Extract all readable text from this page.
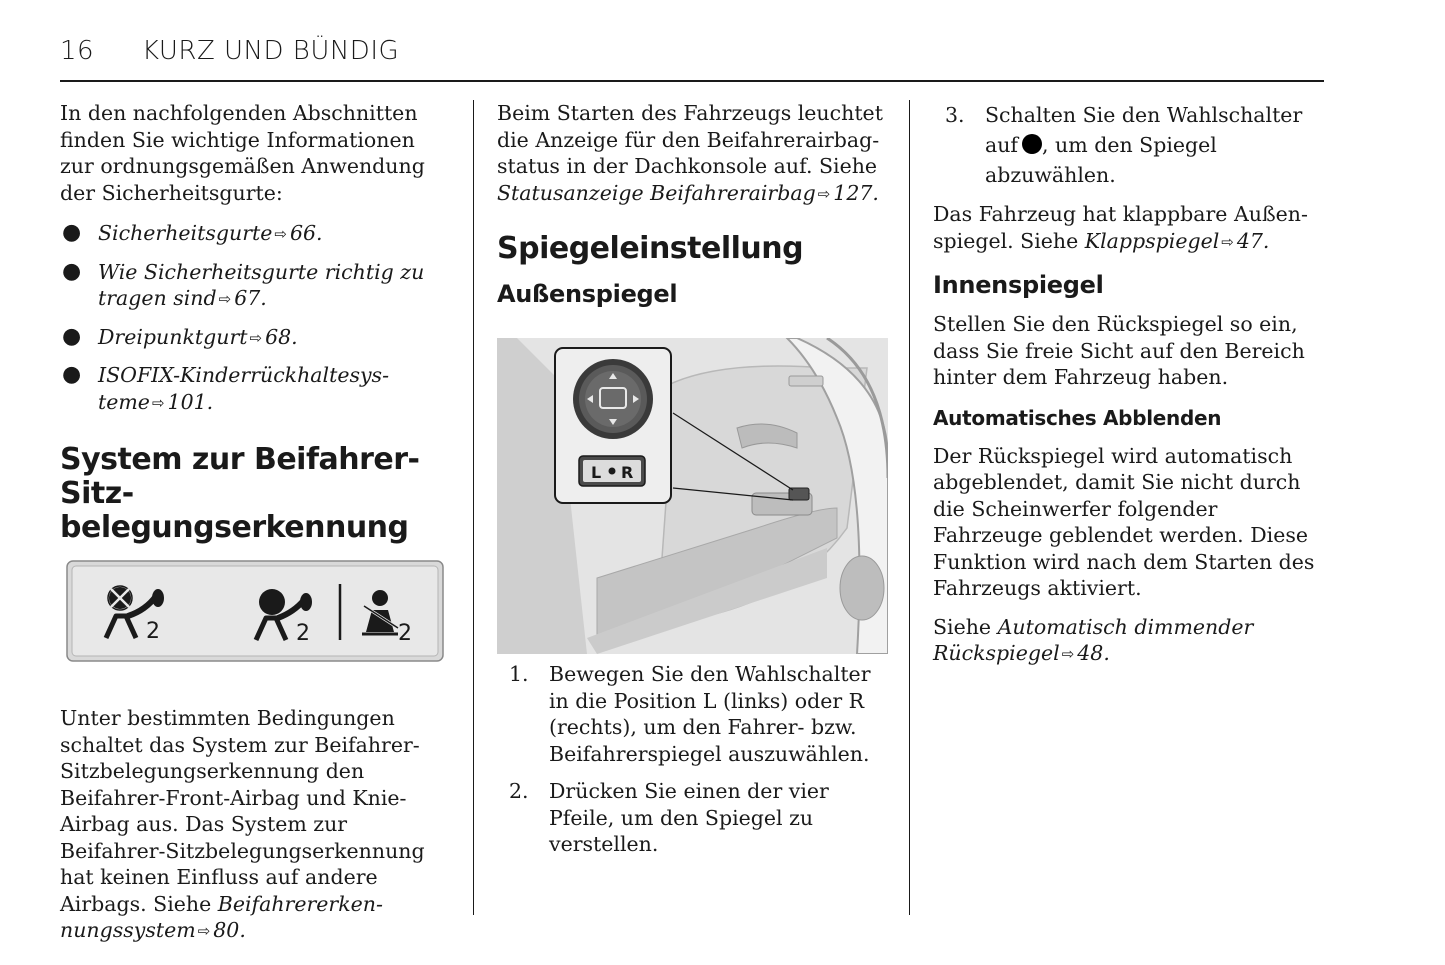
16 KURZ UND BÜNDIG

In den nachfolgenden Abschnitten finden Sie wichtige Informationen zur ordnungsgemäßen Anwendung der Sicherheitsgurte:

● Sicherheitsgurte ⇨ 66.
● Wie Sicherheitsgurte richtig zu tragen sind ⇨ 67.
● Dreipunktgurt ⇨ 68.
● ISOFIX-Kinderrückhaltesysteme ⇨ 101.
System zur Beifahrer-Sitzbelegungserkennung
2	2	2

Unter bestimmten Bedingungen schaltet das System zur Beifahrer-Sitzbelegungserkennung den Beifahrer-Front-Airbag und Knie-Airbag aus. Das System zur Beifahrer-Sitzbelegungserkennung hat keinen Einfluss auf andere Airbags. Siehe Beifahrererkennungssystem ⇨ 80.

Beim Starten des Fahrzeugs leuchtet die Anzeige für den Beifahrerairbagstatus in der Dachkonsole auf. Siehe Statusanzeige Beifahrerairbag ⇨ 127.

Spiegeleinstellung
Außenspiegel
L R
1. Bewegen Sie den Wahlschalter in die Position L (links) oder R (rechts), um den Fahrer- bzw. Beifahrerspiegel auszuwählen.
2. Drücken Sie einen der vier Pfeile, um den Spiegel zu verstellen.
3. Schalten Sie den Wahlschalter auf , um den Spiegel abzuwählen.

Das Fahrzeug hat klappbare Außenspiegel. Siehe Klappspiegel ⇨ 47.

Innenspiegel

Stellen Sie den Rückspiegel so ein, dass Sie freie Sicht auf den Bereich hinter dem Fahrzeug haben.

Automatisches Abblenden

Der Rückspiegel wird automatisch abgeblendet, damit Sie nicht durch die Scheinwerfer folgender Fahrzeuge geblendet werden. Diese Funktion wird nach dem Starten des Fahrzeugs aktiviert.

Siehe Automatisch dimmender Rückspiegel ⇨ 48.
